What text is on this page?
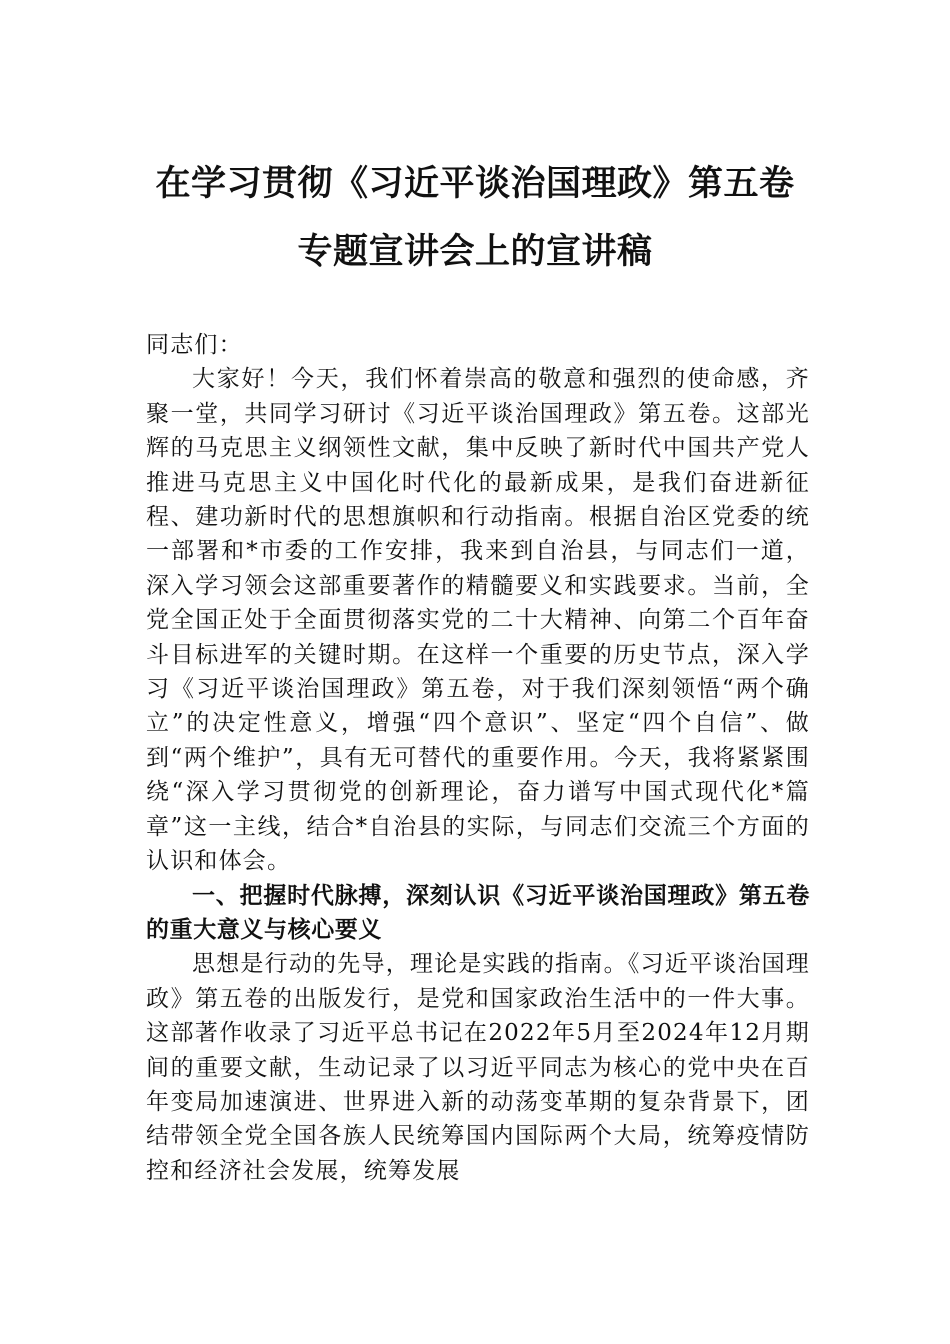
在学习贯彻《习近平谈治国理政》第五卷
专题宣讲会上的宣讲稿

同志们：

大家好！今天，我们怀着崇高的敬意和强烈的使命感，齐聚一堂，共同学习研讨《习近平谈治国理政》第五卷。这部光辉的马克思主义纲领性文献，集中反映了新时代中国共产党人推进马克思主义中国化时代化的最新成果，是我们奋进新征程、建功新时代的思想旗帜和行动指南。根据自治区党委的统一部署和*市委的工作安排，我来到自治县，与同志们一道，深入学习领会这部重要著作的精髓要义和实践要求。当前，全党全国正处于全面贯彻落实党的二十大精神、向第二个百年奋斗目标进军的关键时期。在这样一个重要的历史节点，深入学习《习近平谈治国理政》第五卷，对于我们深刻领悟“两个确立”的决定性意义，增强“四个意识”、坚定“四个自信”、做到“两个维护”，具有无可替代的重要作用。今天，我将紧紧围绕“深入学习贯彻党的创新理论，奋力谱写中国式现代化*篇章”这一主线，结合*自治县的实际，与同志们交流三个方面的认识和体会。

一、把握时代脉搏，深刻认识《习近平谈治国理政》第五卷的重大意义与核心要义

思想是行动的先导，理论是实践的指南。《习近平谈治国理政》第五卷的出版发行，是党和国家政治生活中的一件大事。这部著作收录了习近平总书记在2022年5月至2024年12月期间的重要文献，生动记录了以习近平同志为核心的党中央在百年变局加速演进、世界进入新的动荡变革期的复杂背景下，团结带领全党全国各族人民统筹国内国际两个大局，统筹疫情防控和经济社会发展，统筹发展
